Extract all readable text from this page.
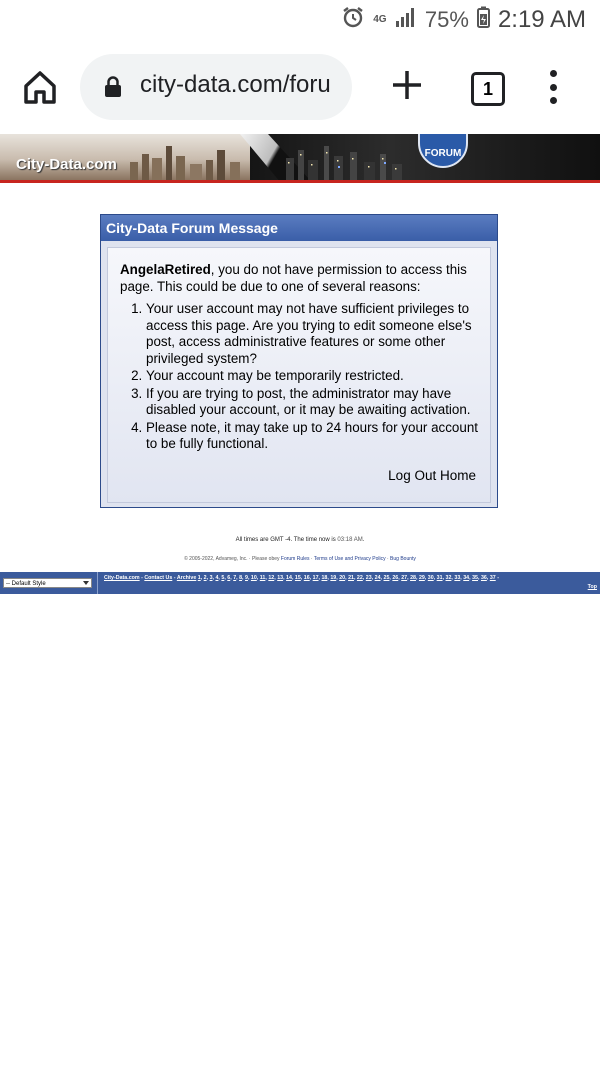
4G 75% 2:19 AM
city-data.com/foru	1
City-Data.com
FORUM
City-Data Forum Message

AngelaRetired, you do not have permission to access this page. This could be due to one of several reasons:

1. Your user account may not have sufficient privileges to access this page. Are you trying to edit someone else's post, access administrative features or some other privileged system?
2. Your account may be temporarily restricted.
3. If you are trying to post, the administrator may have disabled your account, or it may be awaiting activation.
4. Please note, it may take up to 24 hours for your account to be fully functional.
Log Out Home
All times are GMT -4. The time now is 03:18 AM.
© 2005-2022, Advameg, Inc. · Please obey Forum Rules · Terms of Use and Privacy Policy · Bug Bounty
-- Default Style
City-Data.com - Contact Us - Archive 1, 2, 3, 4, 5, 6, 7, 8, 9, 10, 11, 12, 13, 14, 15, 16, 17, 18, 19, 20, 21, 22, 23, 24, 25, 26, 27, 28, 29, 30, 31, 32, 33, 34, 35, 36, 37 -
Top
